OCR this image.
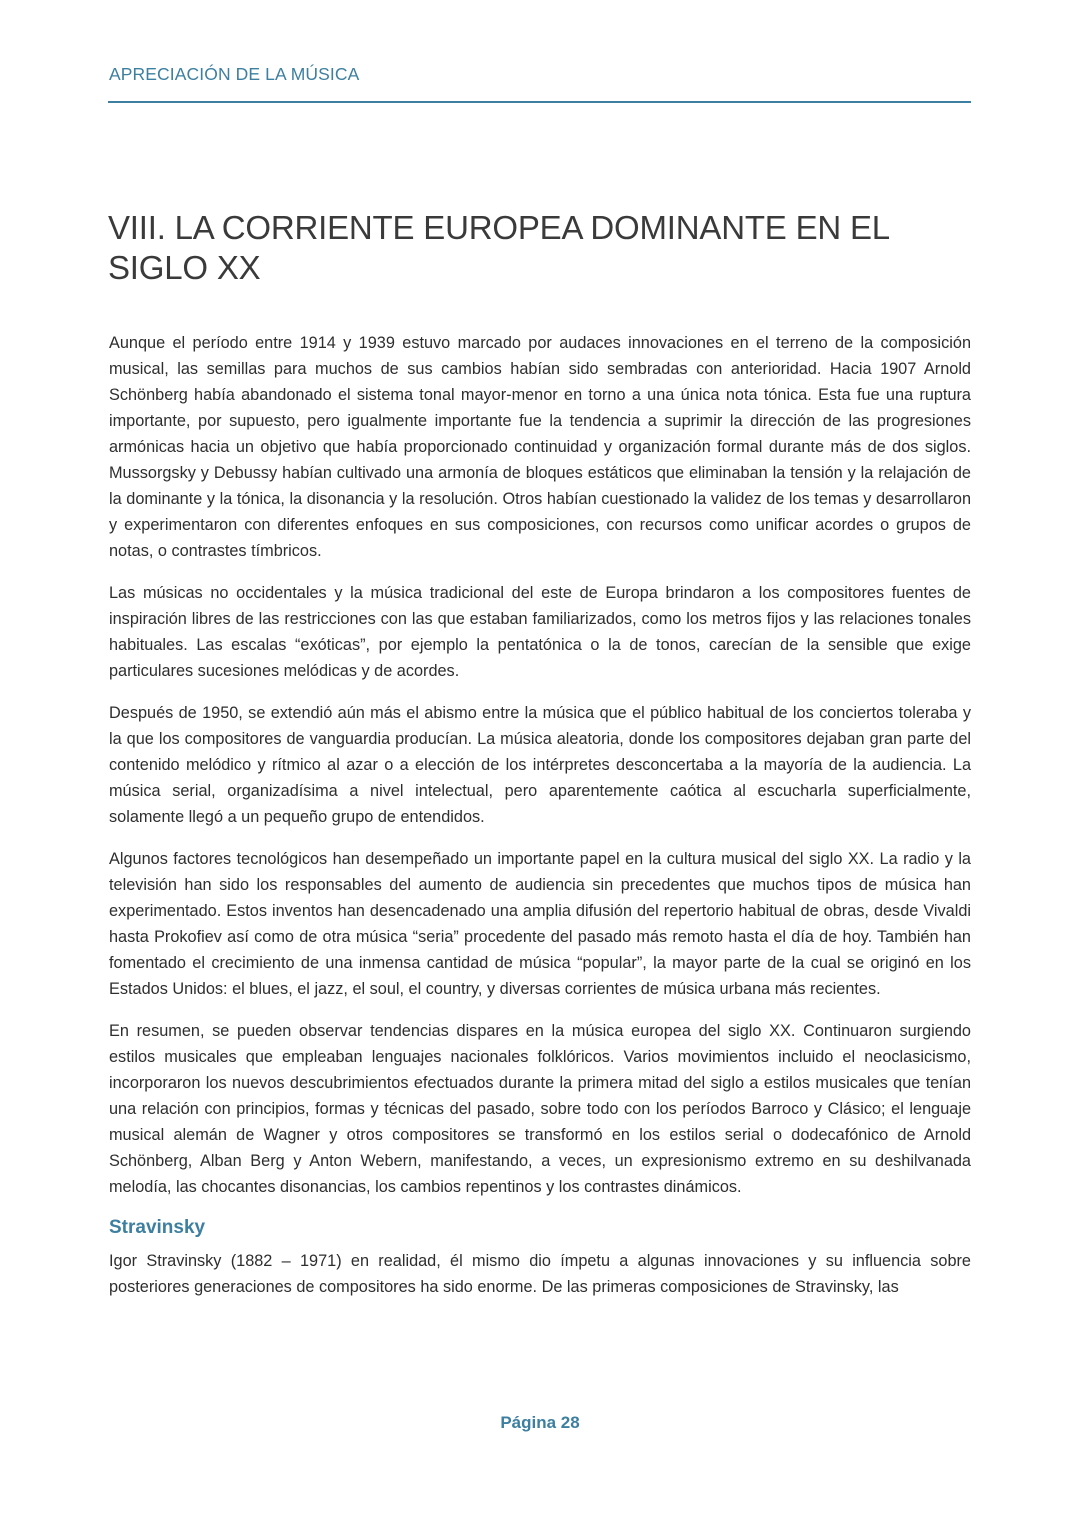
APRECIACIÓN DE LA MÚSICA
VIII. LA CORRIENTE EUROPEA DOMINANTE EN EL SIGLO XX

Aunque el período entre 1914 y 1939 estuvo marcado por audaces innovaciones en el terreno de la composición musical, las semillas para muchos de sus cambios habían sido sembradas con anterioridad. Hacia 1907 Arnold Schönberg había abandonado el sistema tonal mayor-menor en torno a una única nota tónica. Esta fue una ruptura importante, por supuesto, pero igualmente importante fue la tendencia a suprimir la dirección de las progresiones armónicas hacia un objetivo que había proporcionado continuidad y organización formal durante más de dos siglos. Mussorgsky y Debussy habían cultivado una armonía de bloques estáticos que eliminaban la tensión y la relajación de la dominante y la tónica, la disonancia y la resolución. Otros habían cuestionado la validez de los temas y desarrollaron y experimentaron con diferentes enfoques en sus composiciones, con recursos como unificar acordes o grupos de notas, o contrastes tímbricos.

Las músicas no occidentales y la música tradicional del este de Europa brindaron a los compositores fuentes de inspiración libres de las restricciones con las que estaban familiarizados, como los metros fijos y las relaciones tonales habituales. Las escalas “exóticas”, por ejemplo la pentatónica o la de tonos, carecían de la sensible que exige particulares sucesiones melódicas y de acordes.

Después de 1950, se extendió aún más el abismo entre la música que el público habitual de los conciertos toleraba y la que los compositores de vanguardia producían. La música aleatoria, donde los compositores dejaban gran parte del contenido melódico y rítmico al azar o a elección de los intérpretes desconcertaba a la mayoría de la audiencia. La música serial, organizadísima a nivel intelectual, pero aparentemente caótica al escucharla superficialmente, solamente llegó a un pequeño grupo de entendidos.

Algunos factores tecnológicos han desempeñado un importante papel en la cultura musical del siglo XX. La radio y la televisión han sido los responsables del aumento de audiencia sin precedentes que muchos tipos de música han experimentado. Estos inventos han desencadenado una amplia difusión del repertorio habitual de obras, desde Vivaldi hasta Prokofiev así como de otra música “seria” procedente del pasado más remoto hasta el día de hoy. También han fomentado el crecimiento de una inmensa cantidad de música “popular”, la mayor parte de la cual se originó en los Estados Unidos: el blues, el jazz, el soul, el country, y diversas corrientes de música urbana más recientes.

En resumen, se pueden observar tendencias dispares en la música europea del siglo XX. Continuaron surgiendo estilos musicales que empleaban lenguajes nacionales folklóricos. Varios movimientos incluido el neoclasicismo, incorporaron los nuevos descubrimientos efectuados durante la primera mitad del siglo a estilos musicales que tenían una relación con principios, formas y técnicas del pasado, sobre todo con los períodos Barroco y Clásico; el lenguaje musical alemán de Wagner y otros compositores se transformó en los estilos serial o dodecafónico de Arnold Schönberg, Alban Berg y Anton Webern, manifestando, a veces, un expresionismo extremo en su deshilvanada melodía, las chocantes disonancias, los cambios repentinos y los contrastes dinámicos.

Stravinsky

Igor Stravinsky (1882 – 1971) en realidad, él mismo dio ímpetu a algunas innovaciones y su influencia sobre posteriores generaciones de compositores ha sido enorme. De las primeras composiciones de Stravinsky, las

Página 28
